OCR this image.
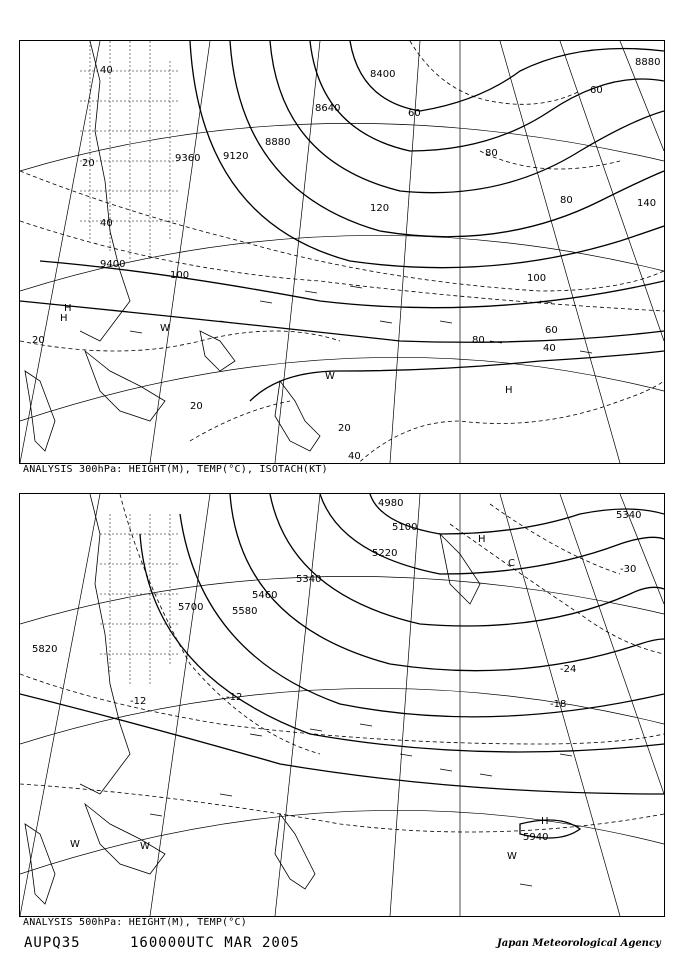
8400
8640
8880
9120
9360
9400
8880
40
20
40
60
80
100
120	140
100
80
60
40
20
20
20
40
80
60
H
H
H
W
W
ANALYSIS 300hPa: HEIGHT(M), TEMP(°C), ISOTACH(KT)
4980
5100
5220
5340
5460
5580
5700
5820
5940
5340
-30
-24
-18
-12
-12
C
H
H
W
W	W
ANALYSIS 500hPa: HEIGHT(M), TEMP(°C)
AUPQ35	160000UTC MAR 2005	Japan Meteorological Agency
